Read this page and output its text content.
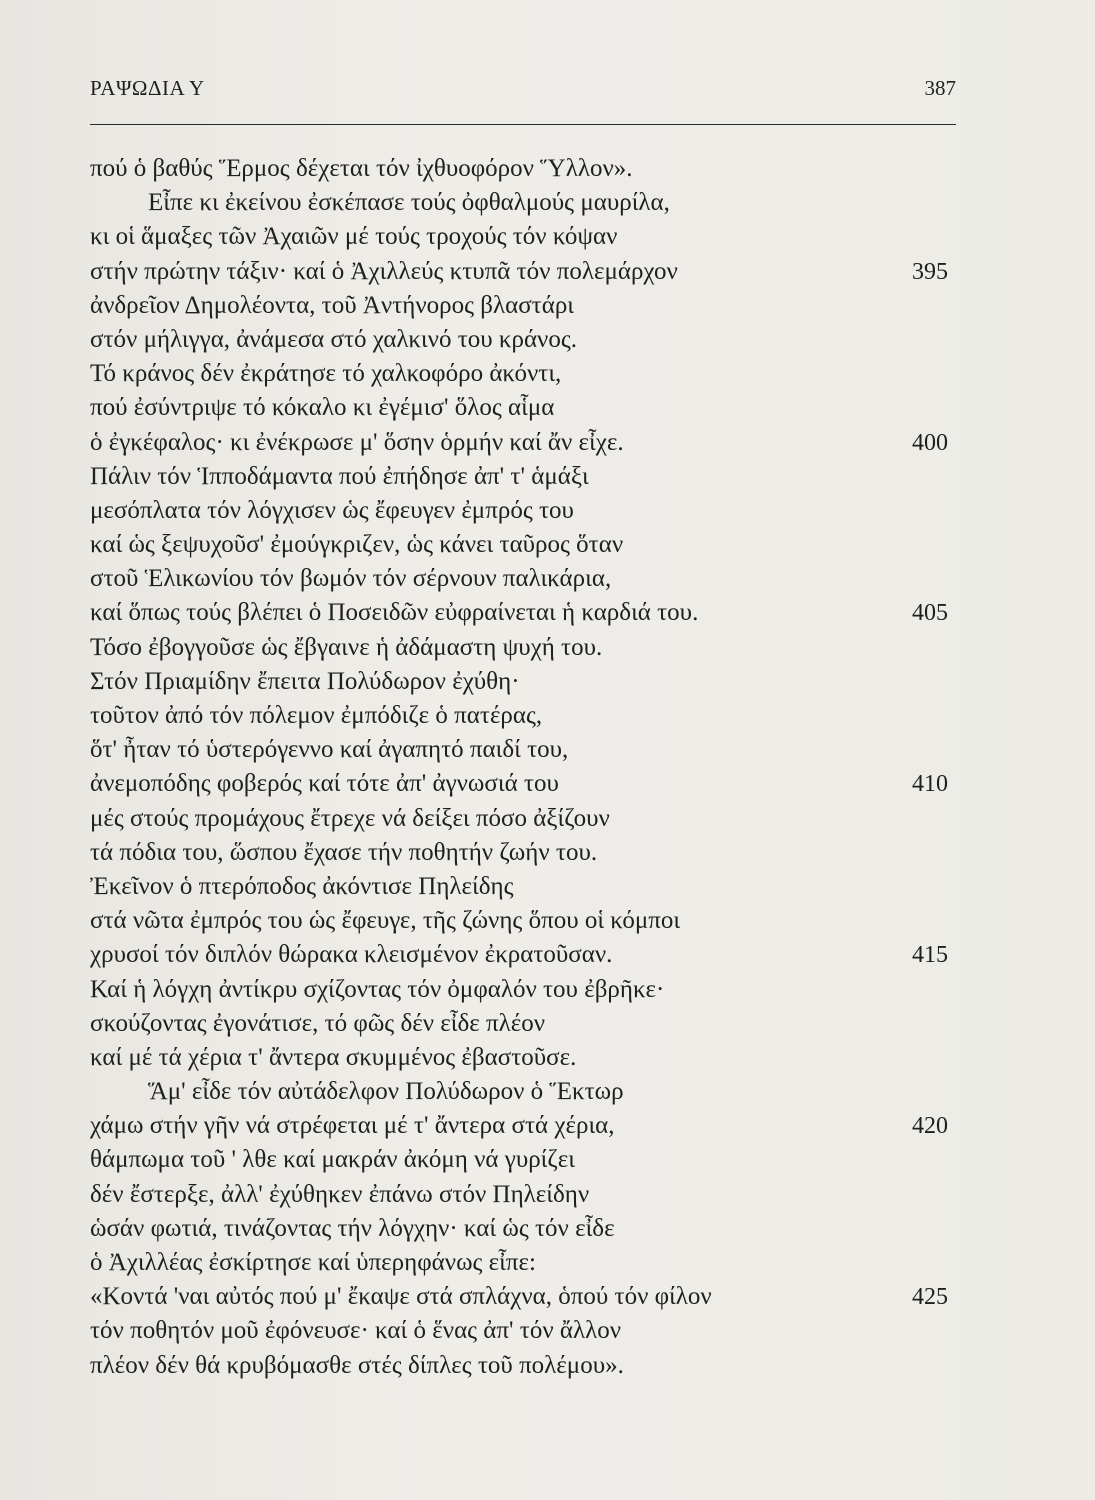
ΡΑΨΩΔΙΑ Υ	387
πού ὁ βαθύς Ἕρμος δέχεται τόν ἰχθυοφόρον Ὕλλον».
Εἶπε κι ἐκείνου ἐσκέπασε τούς ὀφθαλμούς μαυρίλα,
κι οἱ ἅμαξες τῶν Ἀχαιῶν μέ τούς τροχούς τόν κόψαν
στήν πρώτην τάξιν· καί ὁ Ἀχιλλεύς κτυπᾶ τόν πολεμάρχον	395
ἀνδρεῖον Δημολέοντα, τοῦ Ἀντήνορος βλαστάρι
στόν μήλιγγα, ἀνάμεσα στό χαλκινό του κράνος.
Τό κράνος δέν ἐκράτησε τό χαλκοφόρο ἀκόντι,
πού ἐσύντριψε τό κόκαλο κι ἐγέμισ' ὅλος αἷμα
ὁ ἐγκέφαλος· κι ἐνέκρωσε μ' ὅσην ὁρμήν καί ἄν εἶχε.	400
Πάλιν τόν Ἱπποδάμαντα πού ἐπήδησε ἀπ' τ' ἁμάξι
μεσόπλατα τόν λόγχισεν ὡς ἔφευγεν ἐμπρός του
καί ὡς ξεψυχοῦσ' ἐμούγκριζεν, ὡς κάνει ταῦρος ὅταν
στοῦ Ἑλικωνίου τόν βωμόν τόν σέρνουν παλικάρια,
καί ὅπως τούς βλέπει ὁ Ποσειδῶν εὐφραίνεται ἡ καρδιά του.	405
Τόσο ἐβογγοῦσε ὡς ἔβγαινε ἡ ἀδάμαστη ψυχή του.
Στόν Πριαμίδην ἔπειτα Πολύδωρον ἐχύθη·
τοῦτον ἀπό τόν πόλεμον ἐμπόδιζε ὁ πατέρας,
ὅτ' ἦταν τό ὑστερόγεννο καί ἀγαπητό παιδί του,
ἀνεμοπόδης φοβερός καί τότε ἀπ' ἀγνωσιά του	410
μές στούς προμάχους ἔτρεχε νά δείξει πόσο ἀξίζουν
τά πόδια του, ὥσπου ἔχασε τήν ποθητήν ζωήν του.
Ἐκεῖνον ὁ πτερόποδος ἀκόντισε Πηλείδης
στά νῶτα ἐμπρός του ὡς ἔφευγε, τῆς ζώνης ὅπου οἱ κόμποι
χρυσοί τόν διπλόν θώρακα κλεισμένον ἐκρατοῦσαν.	415
Καί ἡ λόγχη ἀντίκρυ σχίζοντας τόν ὀμφαλόν του ἐβρῆκε·
σκούζοντας ἐγονάτισε, τό φῶς δέν εἶδε πλέον
καί μέ τά χέρια τ' ἄντερα σκυμμένος ἐβαστοῦσε.
Ἅμ' εἶδε τόν αὐτάδελφον Πολύδωρον ὁ Ἕκτωρ
χάμω στήν γῆν νά στρέφεται μέ τ' ἄντερα στά χέρια,	420
θάμπωμα τοῦ ' λθε καί μακράν ἀκόμη νά γυρίζει
δέν ἔστερξε, ἀλλ' ἐχύθηκεν ἐπάνω στόν Πηλείδην
ὡσάν φωτιά, τινάζοντας τήν λόγχην· καί ὡς τόν εἶδε
ὁ Ἀχιλλέας ἐσκίρτησε καί ὑπερηφάνως εἶπε:
«Κοντά 'ναι αὐτός πού μ' ἔκαψε στά σπλάχνα, ὁπού τόν φίλον	425
τόν ποθητόν μοῦ ἐφόνευσε· καί ὁ ἕνας ἀπ' τόν ἄλλον
πλέον δέν θά κρυβόμασθε στές δίπλες τοῦ πολέμου».
